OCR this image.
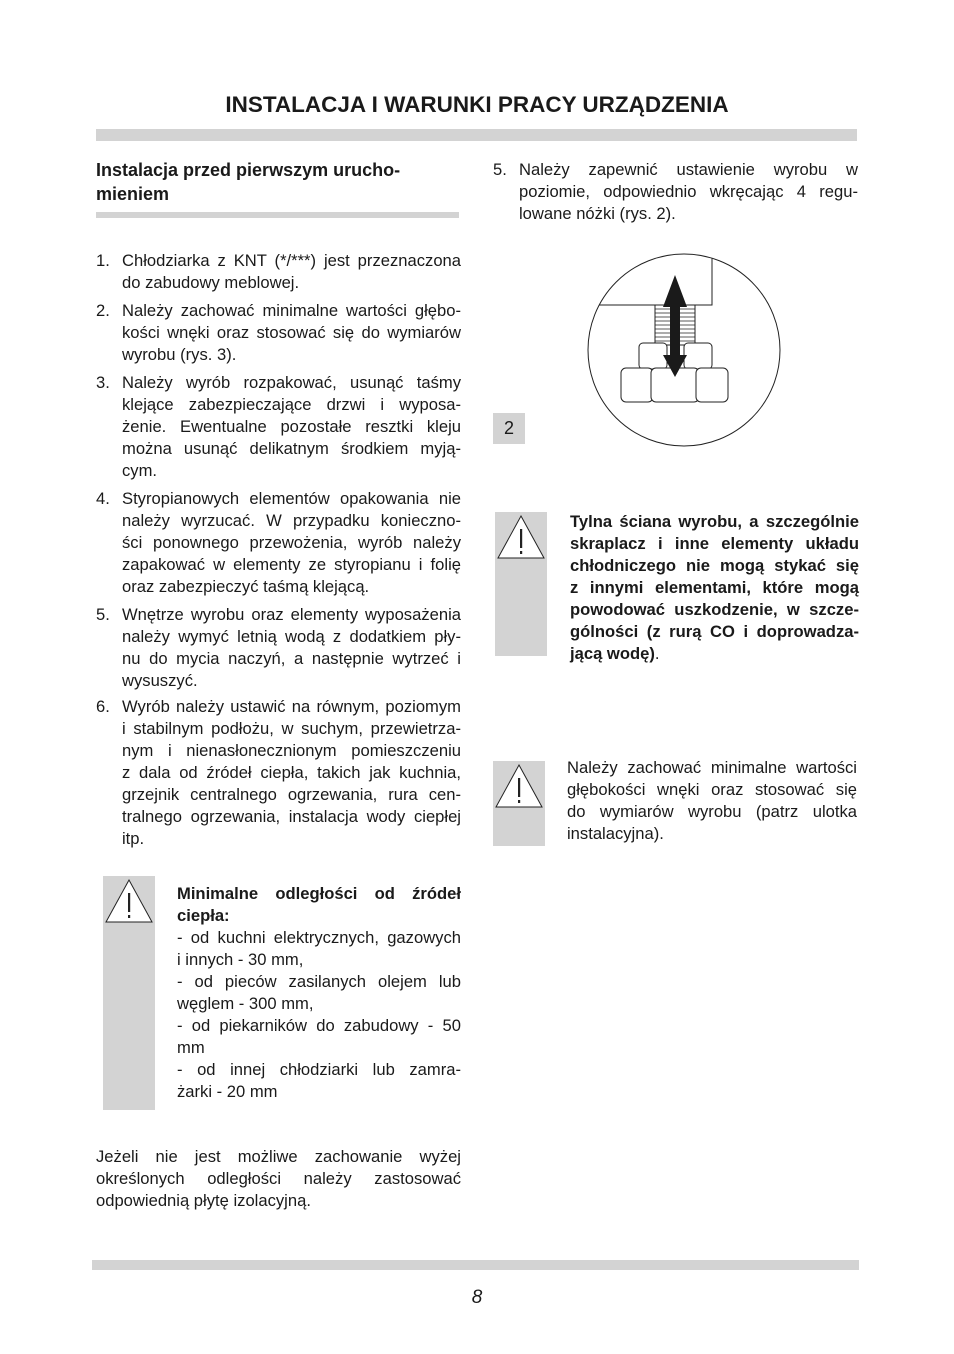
INSTALACJA I WARUNKI PRACY URZĄDZENIA
Instalacja przed pierwszym urucho-
mieniem
1. Chłodziarka z KNT (*/***) jest przeznaczona
do zabudowy meblowej.
2. Należy zachować minimalne wartości głębo-
kości wnęki oraz stosować się do wymiarów
wyrobu (rys. 3).
3. Należy wyrób rozpakować, usunąć taśmy
klejące zabezpieczające drzwi i wyposa-
żenie. Ewentualne pozostałe resztki kleju
można usunąć delikatnym środkiem myją-
cym.
4. Styropianowych elementów opakowania nie
należy wyrzucać. W przypadku konieczno-
ści ponownego przewożenia, wyrób należy
zapakować w elementy ze styropianu i folię
oraz zabezpieczyć taśmą klejącą.
5. Wnętrze wyrobu oraz elementy wyposażenia
należy wymyć letnią wodą z dodatkiem pły-
nu do mycia naczyń, a następnie wytrzeć i
wysuszyć.
6. Wyrób należy ustawić na równym, poziomym
i stabilnym podłożu, w suchym, przewietrza-
nym i nienasłonecznionym pomieszczeniu
z dala od źródeł ciepła, takich jak kuchnia,
grzejnik centralnego ogrzewania, rura cen-
tralnego ogrzewania, instalacja wody ciepłej
itp.
Minimalne odległości od źródeł
ciepła:
- od kuchni elektrycznych, gazowych
i innych - 30 mm,
- od pieców zasilanych olejem lub
węglem - 300 mm,
- od piekarników do zabudowy - 50
mm
- od innej chłodziarki lub zamra-
żarki - 20 mm
Jeżeli nie jest możliwe zachowanie wyżej
określonych odległości należy zastosować
odpowiednią płytę izolacyjną.
5. Należy zapewnić ustawienie wyrobu w
poziomie, odpowiednio wkręcając 4 regu-
lowane nóżki (rys. 2).
2
Tylna ściana wyrobu, a szczególnie
skraplacz i inne elementy układu
chłodniczego nie mogą stykać się
z innymi elementami, które mogą
powodować uszkodzenie, w szcze-
gólności (z rurą CO i doprowadza-
jącą wodę).
Należy zachować minimalne wartości
głębokości wnęki oraz stosować się
do wymiarów wyrobu (patrz ulotka
instalacyjna).
8
